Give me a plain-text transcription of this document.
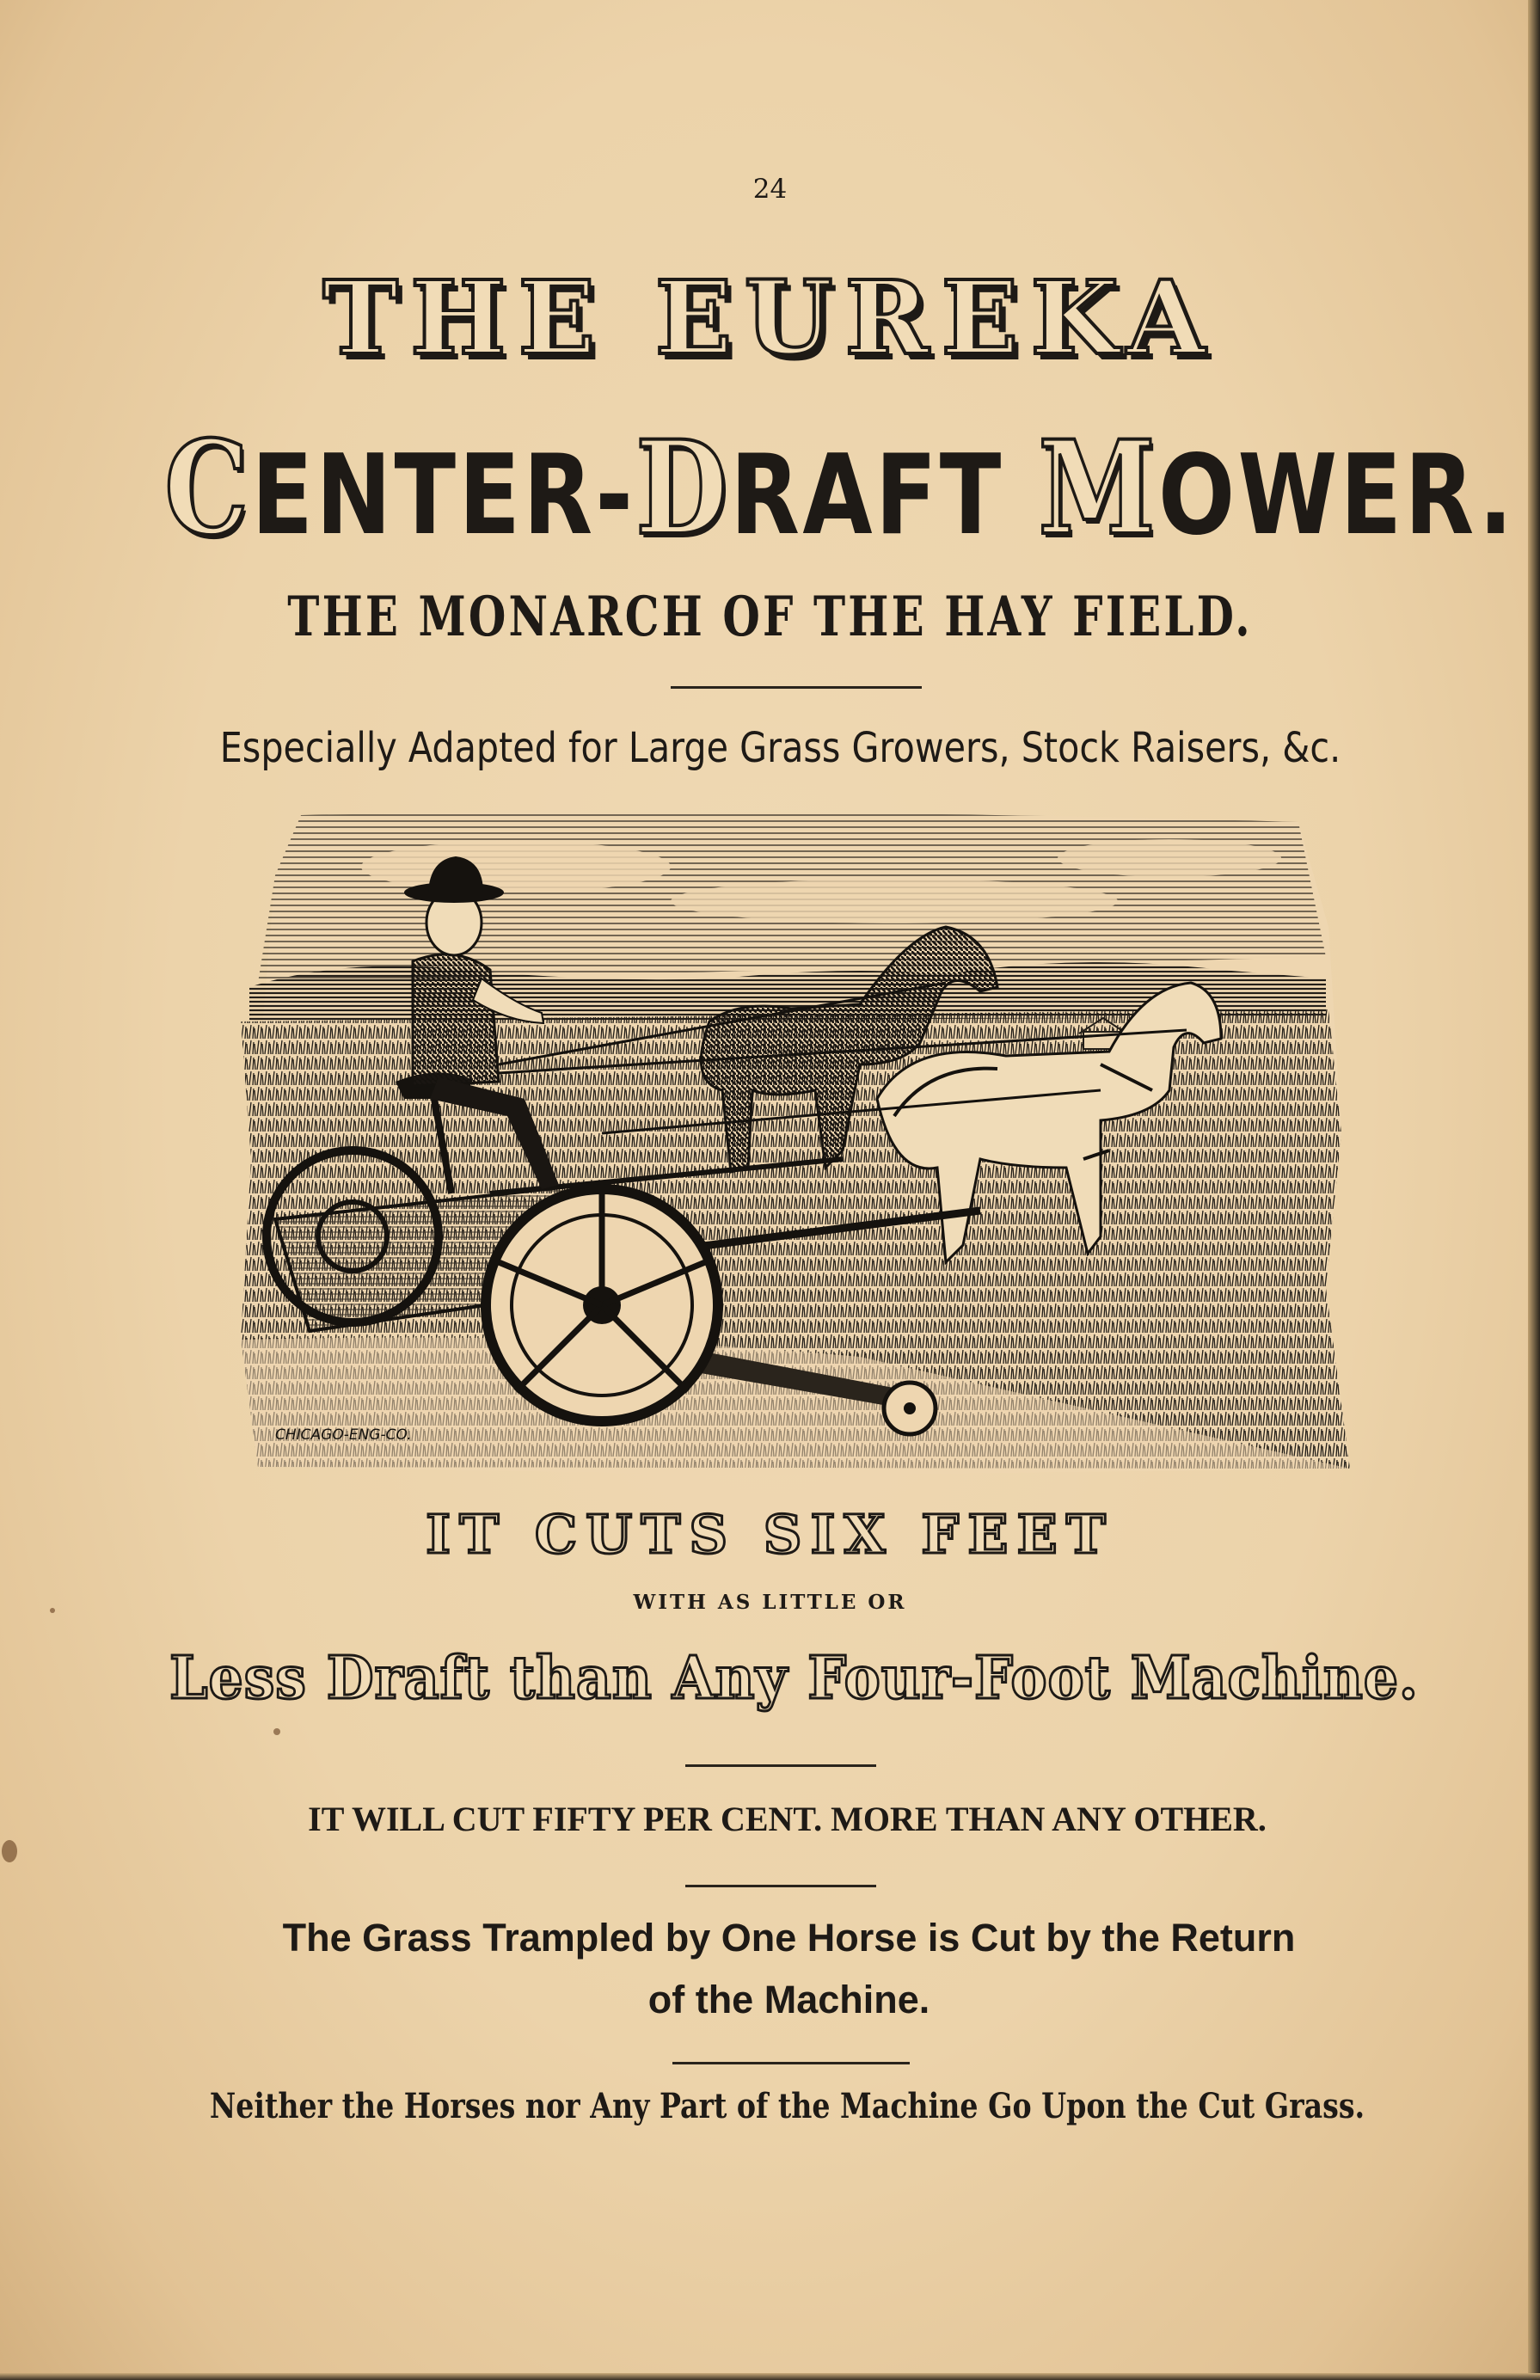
24
THE EUREKA
CENTER-DRAFT MOWER.
THE MONARCH OF THE HAY FIELD.
Especially Adapted for Large Grass Growers, Stock Raisers, &c.
CHICAGO-ENG-CO.
IT CUTS SIX FEET
WITH AS LITTLE OR
Less Draft than Any Four-Foot Machine.
IT WILL CUT FIFTY PER CENT. MORE THAN ANY OTHER.
The Grass Trampled by One Horse is Cut by the Return
of the Machine.
Neither the Horses nor Any Part of the Machine Go Upon the Cut Grass.
